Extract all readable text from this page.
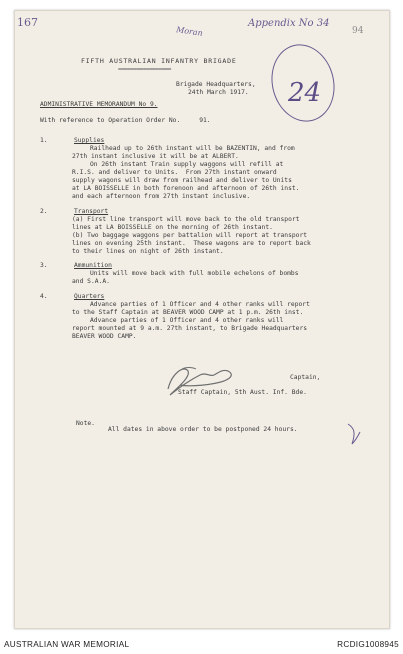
167
Moran
Appendix No 34
94
24
FIFTH AUSTRALIAN INFANTRY BRIGADE
=================
Brigade Headquarters,
24th March 1917.
ADMINISTRATIVE MEMORANDUM No 9.
With reference to Operation Order No.     91.
1.	Supplies
Railhead up to 26th instant will be BAZENTIN, and from
27th instant inclusive it will be at ALBERT.
On 26th instant Train supply waggons will refill at
R.I.S. and deliver to Units.  From 27th instant onward
supply wagons will draw from railhead and deliver to Units
at LA BOISSELLE in both forenoon and afternoon of 26th inst.
and each afternoon from 27th instant inclusive.
2.	Transport
(a) First line transport will move back to the old transport
lines at LA BOISSELLE on the morning of 26th instant.
(b) Two baggage waggons per battalion will report at transport
lines on evening 25th instant.  These wagons are to report back
to their lines on night of 26th instant.
3.	Ammunition
Units will move back with full mobile echelons of bombs
and S.A.A.
4.	Quarters
Advance parties of 1 Officer and 4 other ranks will report
to the Staff Captain at BEAVER WOOD CAMP at 1 p.m. 26th inst.
Advance parties of 1 Officer and 4 other ranks will
report mounted at 9 a.m. 27th instant, to Brigade Headquarters
BEAVER WOOD CAMP.
Captain,
Staff Captain, 5th Aust. Inf. Bde.
Note.
All dates in above order to be postponed 24 hours.
AUSTRALIAN WAR MEMORIAL	RCDIG1008945
